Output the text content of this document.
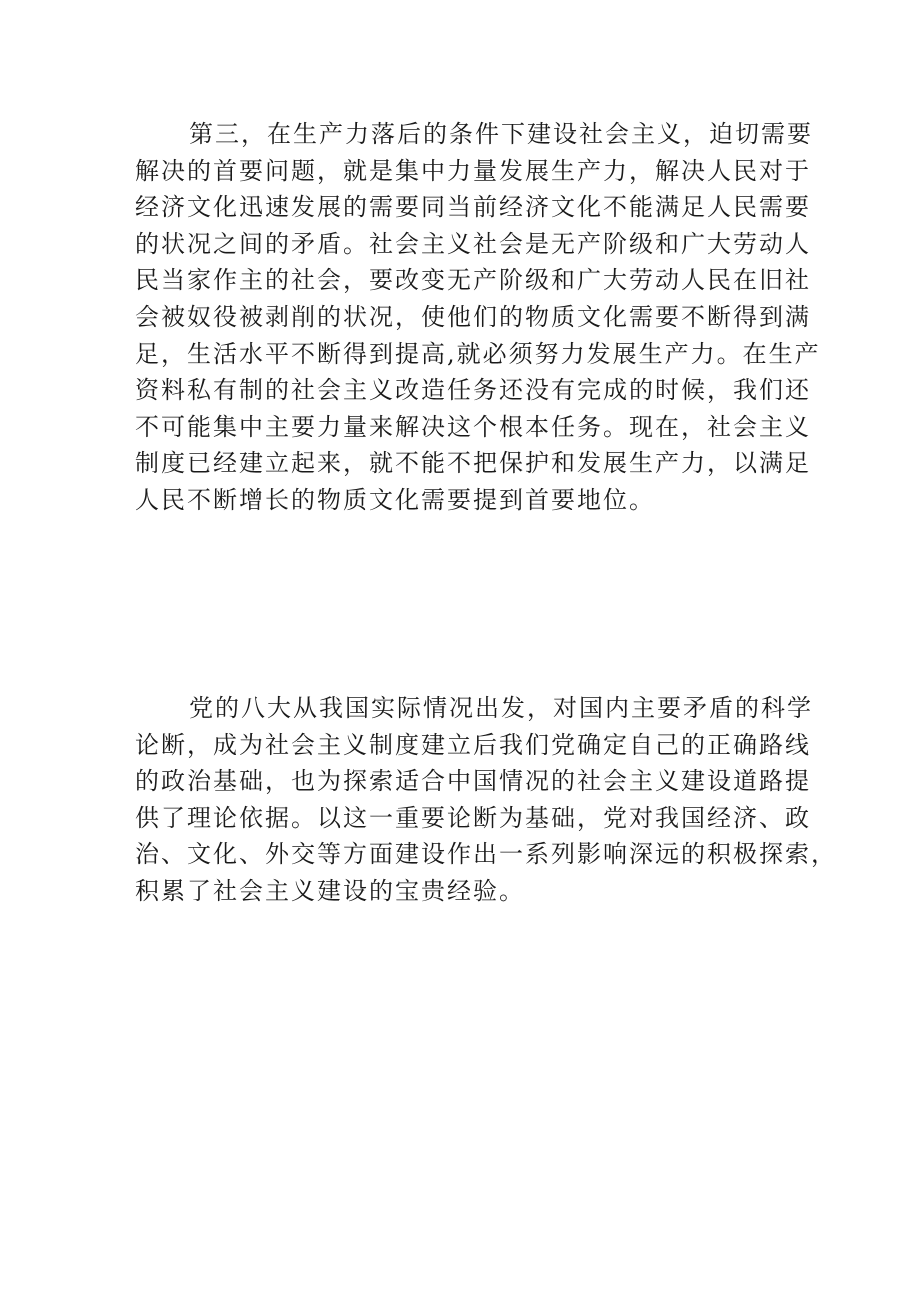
第三，在生产力落后的条件下建设社会主义，迫切需要
解决的首要问题，就是集中力量发展生产力，解决人民对于
经济文化迅速发展的需要同当前经济文化不能满足人民需要
的状况之间的矛盾。社会主义社会是无产阶级和广大劳动人
民当家作主的社会，要改变无产阶级和广大劳动人民在旧社
会被奴役被剥削的状况，使他们的物质文化需要不断得到满
足，生活水平不断得到提高,就必须努力发展生产力。在生产
资料私有制的社会主义改造任务还没有完成的时候，我们还
不可能集中主要力量来解决这个根本任务。现在，社会主义
制度已经建立起来，就不能不把保护和发展生产力，以满足
人民不断增长的物质文化需要提到首要地位。
党的八大从我国实际情况出发，对国内主要矛盾的科学
论断，成为社会主义制度建立后我们党确定自己的正确路线
的政治基础，也为探索适合中国情况的社会主义建设道路提
供了理论依据。以这一重要论断为基础，党对我国经济、政
治、文化、外交等方面建设作出一系列影响深远的积极探索，
积累了社会主义建设的宝贵经验。
